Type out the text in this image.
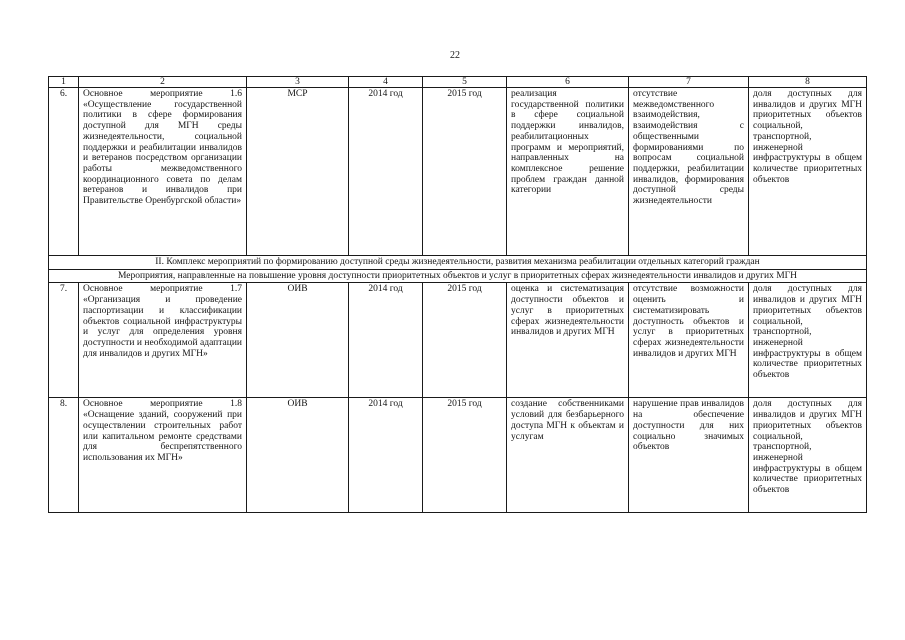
22
1	2	3	4	5	6	7	8
6.	Основное мероприятие 1.6 «Осуществление государственной политики в сфере формирования доступной для МГН среды жизнедеятельности, социальной поддержки и реабилитации инвалидов и ветеранов посредством организации работы межведомственного координационного совета по делам ветеранов и инвалидов при Правительстве Оренбургской области»	МСР	2014 год	2015 год	реализация государственной политики в сфере социальной поддержки инвалидов, реабилитационных программ и мероприятий, направленных на комплексное решение проблем граждан данной категории	отсутствие межведомственного взаимодействия, взаимодействия с общественными формированиями по вопросам социальной поддержки, реабилитации инвалидов, формирования доступной среды жизнедеятельности	доля доступных для инвалидов и других МГН приоритетных объектов социальной, транспортной, инженерной инфраструктуры в общем количестве приоритетных объектов
II. Комплекс мероприятий по формированию доступной среды жизнедеятельности, развития механизма реабилитации отдельных категорий граждан							
Мероприятия, направленные на повышение уровня доступности приоритетных объектов и услуг в приоритетных сферах жизнедеятельности инвалидов и других МГН							
7.	Основное мероприятие 1.7 «Организация и проведение паспортизации и классификации объектов социальной инфраструктуры и услуг для определения уровня доступности и необходимой адаптации для инвалидов и других МГН»	ОИВ	2014 год	2015 год	оценка и систематизация доступности объектов и услуг в приоритетных сферах жизнедеятельности инвалидов и других МГН	отсутствие возможности оценить и систематизировать доступность объектов и услуг в приоритетных сферах жизнедеятельности инвалидов и других МГН	доля доступных для инвалидов и других МГН приоритетных объектов социальной, транспортной, инженерной инфраструктуры в общем количестве приоритетных объектов
8.	Основное мероприятие 1.8 «Оснащение зданий, сооружений при осуществлении строительных работ или капитальном ремонте средствами для беспрепятственного использования их МГН»	ОИВ	2014 год	2015 год	создание собственниками условий для безбарьерного доступа МГН к объектам и услугам	нарушение прав инвалидов на обеспечение доступности для них социально значимых объектов	доля доступных для инвалидов и других МГН приоритетных объектов социальной, транспортной, инженерной инфраструктуры в общем количестве приоритетных объектов
